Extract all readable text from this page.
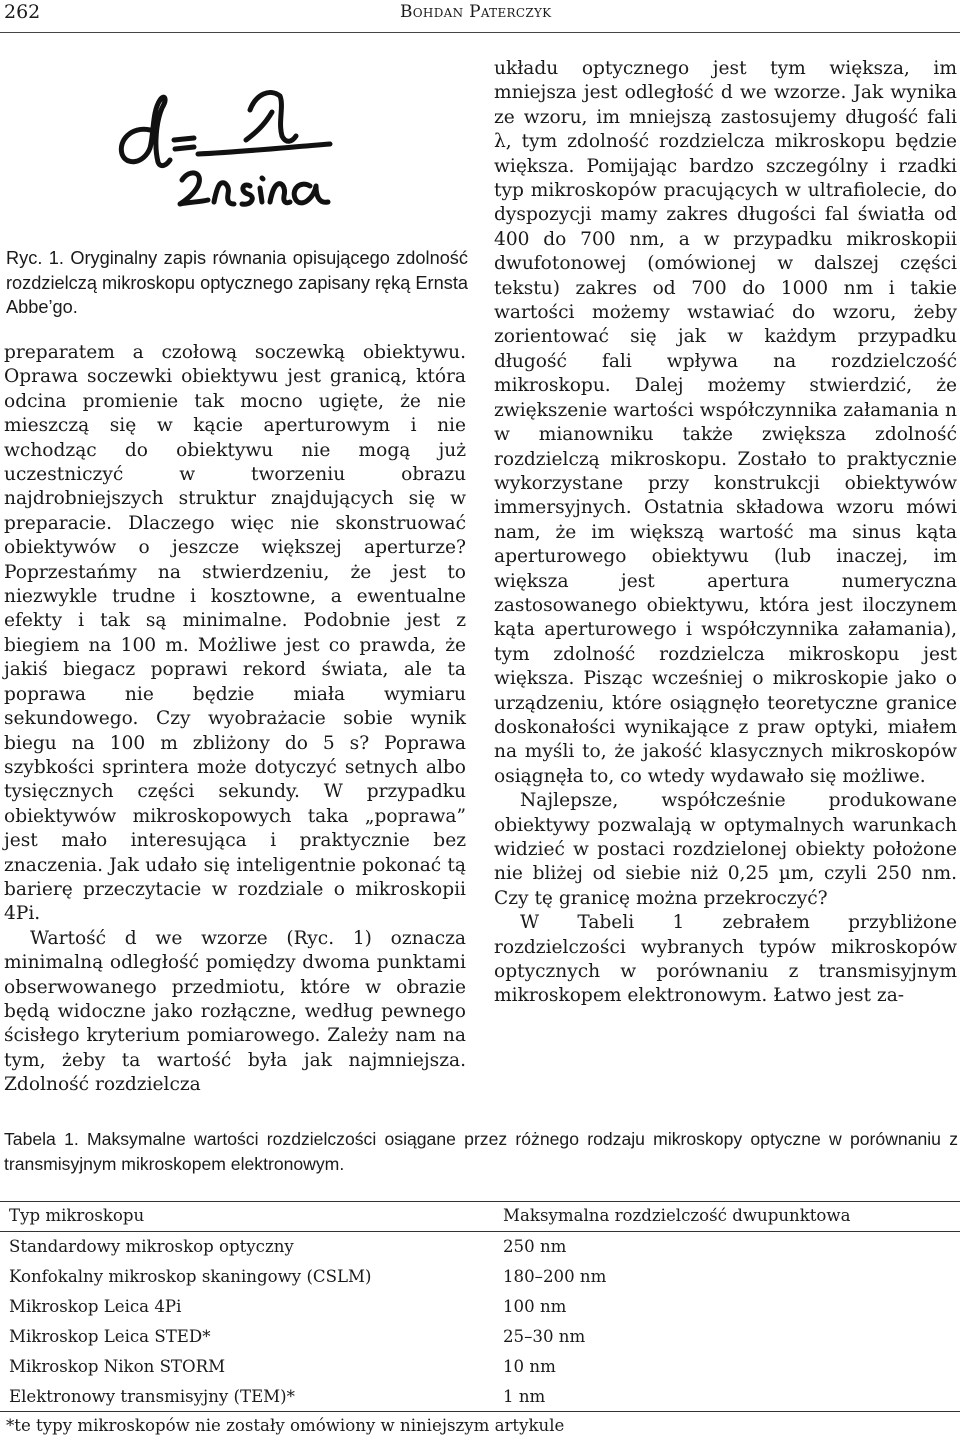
262	Bohdan Paterczyk
Ryc. 1. Oryginalny zapis równania opisującego zdolność rozdzielczą mikroskopu optycznego zapisany ręką Ernsta Abbe’go.

preparatem a czołową soczewką obiektywu. Oprawa soczewki obiektywu jest granicą, która odcina promienie tak mocno ugięte, że nie mieszczą się w kącie aperturowym i nie wchodząc do obiektywu nie mogą już uczestniczyć w tworzeniu obrazu najdrobniejszych struktur znajdujących się w preparacie. Dlaczego więc nie skonstruować obiektywów o jeszcze większej aperturze? Poprzestańmy na stwierdzeniu, że jest to niezwykle trudne i kosztowne, a ewentualne efekty i tak są minimalne. Podobnie jest z biegiem na 100 m. Możliwe jest co prawda, że jakiś biegacz poprawi rekord świata, ale ta poprawa nie będzie miała wymiaru sekundowego. Czy wyobrażacie sobie wynik biegu na 100 m zbliżony do 5 s? Poprawa szybkości sprintera może dotyczyć setnych albo tysięcznych części sekundy. W przypadku obiektywów mikroskopowych taka „poprawa” jest mało interesująca i praktycznie bez znaczenia. Jak udało się inteligentnie pokonać tą barierę przeczytacie w rozdziale o mikroskopii 4Pi.

Wartość d we wzorze (Ryc. 1) oznacza minimalną odległość pomiędzy dwoma punktami obserwowanego przedmiotu, które w obrazie będą widoczne jako rozłączne, według pewnego ścisłego kryterium pomiarowego. Zależy nam na tym, żeby ta wartość była jak najmniejsza. Zdolność rozdzielcza

układu optycznego jest tym większa, im mniejsza jest odległość d we wzorze. Jak wynika ze wzoru, im mniejszą zastosujemy długość fali λ, tym zdolność rozdzielcza mikroskopu będzie większa. Pomijając bardzo szczególny i rzadki typ mikroskopów pracujących w ultrafiolecie, do dyspozycji mamy zakres długości fal światła od 400 do 700 nm, a w przypadku mikroskopii dwufotonowej (omówionej w dalszej części tekstu) zakres od 700 do 1000 nm i takie wartości możemy wstawiać do wzoru, żeby zorientować się jak w każdym przypadku długość fali wpływa na rozdzielczość mikroskopu. Dalej możemy stwierdzić, że zwiększenie wartości współczynnika załamania n w mianowniku także zwiększa zdolność rozdzielczą mikroskopu. Zostało to praktycznie wykorzystane przy konstrukcji obiektywów immersyjnych. Ostatnia składowa wzoru mówi nam, że im większą wartość ma sinus kąta aperturowego obiektywu (lub inaczej, im większa jest apertura numeryczna zastosowanego obiektywu, która jest iloczynem kąta aperturowego i współczynnika załamania), tym zdolność rozdzielcza mikroskopu jest większa. Pisząc wcześniej o mikroskopie jako o urządzeniu, które osiągnęło teoretyczne granice doskonałości wynikające z praw optyki, miałem na myśli to, że jakość klasycznych mikroskopów osiągnęła to, co wtedy wydawało się możliwe.

Najlepsze, współcześnie produkowane obiektywy pozwalają w optymalnych warunkach widzieć w postaci rozdzielonej obiekty położone nie bliżej od siebie niż 0,25 µm, czyli 250 nm. Czy tę granicę można przekroczyć?

W Tabeli 1 zebrałem przybliżone rozdzielczości wybranych typów mikroskopów optycznych w porównaniu z transmisyjnym mikroskopem elektronowym. Łatwo jest za-

Tabela 1. Maksymalne wartości rozdzielczości osiągane przez różnego rodzaju mikroskopy optyczne w porównaniu z transmisyjnym mikroskopem elektronowym.
Typ mikroskopu	Maksymalna rozdzielczość dwupunktowa
Standardowy mikroskop optyczny	250 nm
Konfokalny mikroskop skaningowy (CSLM)	180–200 nm
Mikroskop Leica 4Pi	100 nm
Mikroskop Leica STED*	25–30 nm
Mikroskop Nikon STORM	10 nm
Elektronowy transmisyjny (TEM)*	1 nm
*te typy mikroskopów nie zostały omówiony w niniejszym artykule
